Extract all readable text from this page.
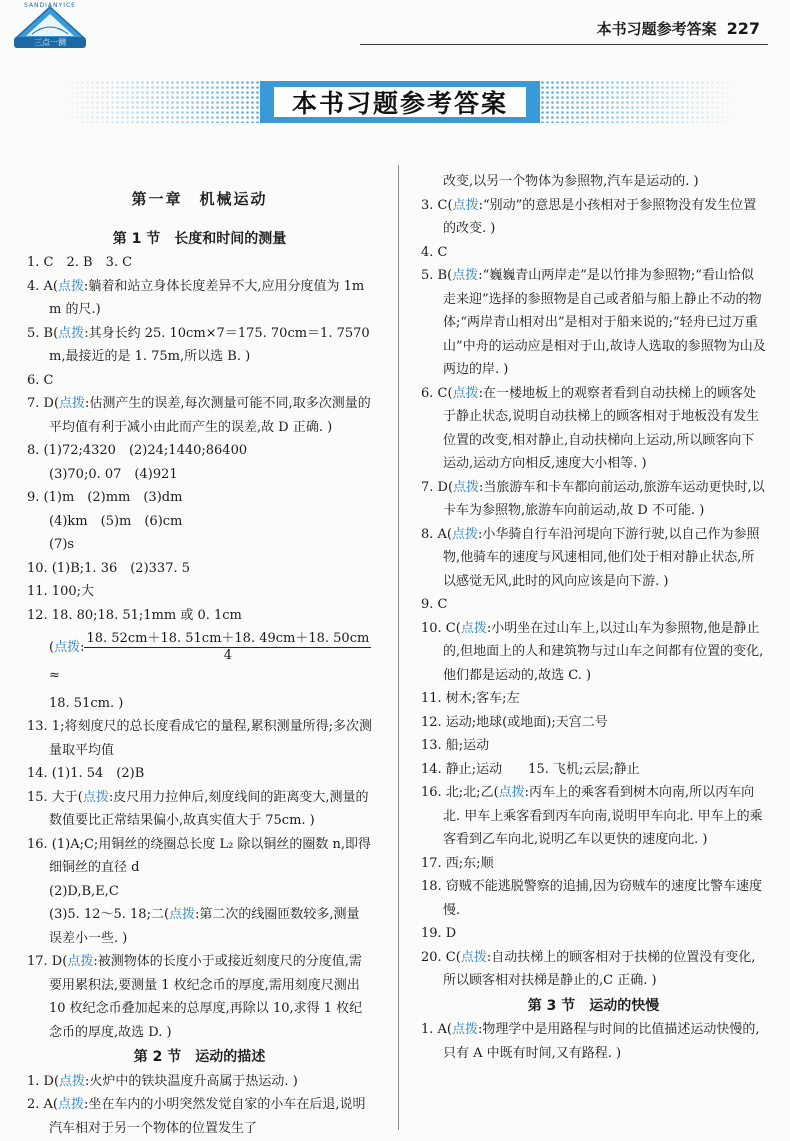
SANDIANYICE
三点一测
本书习题参考答案 227
本书习题参考答案
第一章　机械运动
第 1 节　长度和时间的测量

1. C　2. B　3. C

4. A(点拨:躺着和站立身体长度差异不大,应用分度值为 1mm 的尺.)

5. B(点拨:其身长约 25. 10cm×7＝175. 70cm＝1. 7570m,最接近的是 1. 75m,所以选 B. )

6. C

7. D(点拨:估测产生的误差,每次测量可能不同,取多次测量的平均值有利于减小由此而产生的误差,故 D 正确. )

8. (1)72;4320　(2)24;1440;86400

(3)70;0. 07　(4)921

9. (1)m　(2)mm　(3)dm

(4)km　(5)m　(6)cm

(7)s

10. (1)B;1. 36　(2)337. 5

11. 100;大

12. 18. 80;18. 51;1mm 或 0. 1cm

(点拨: $\frac{18. 52cm+18. 51cm+18. 49cm+18. 50cm}{4}$
≈

18. 51cm. )

13. 1;将刻度尺的总长度看成它的量程,累积测量所得;多次测量取平均值

14. (1)1. 54　(2)B

15. 大于(点拨:皮尺用力拉伸后,刻度线间的距离变大,测量的数值要比正常结果偏小,故真实值大于 75cm. )

16. (1)A;C;用铜丝的绕圈总长度 L₂ 除以铜丝的圈数 n,即得细铜丝的直径 d

(2)D,B,E,C

(3)5. 12～5. 18;二(点拨:第二次的线圈匝数较多,测量误差小一些. )

17. D(点拨:被测物体的长度小于或接近刻度尺的分度值,需要用累积法,要测量 1 枚纪念币的厚度,需用刻度尺测出 10 枚纪念币叠加起来的总厚度,再除以 10,求得 1 枚纪念币的厚度,故选 D. )

第 2 节　运动的描述

1. D(点拨:火炉中的铁块温度升高属于热运动. )

2. A(点拨:坐在车内的小明突然发觉自家的小车在后退,说明汽车相对于另一个物体的位置发生了

改变,以另一个物体为参照物,汽车是运动的. )

3. C(点拨:“别动”的意思是小孩相对于参照物没有发生位置的改变. )

4. C

5. B(点拨:“巍巍青山两岸走”是以竹排为参照物;“看山恰似走来迎”选择的参照物是自己或者船与船上静止不动的物体;“两岸青山相对出”是相对于船来说的;“轻舟已过万重山”中舟的运动应是相对于山,故诗人选取的参照物为山及两边的岸. )

6. C(点拨:在一楼地板上的观察者看到自动扶梯上的顾客处于静止状态,说明自动扶梯上的顾客相对于地板没有发生位置的改变,相对静止,自动扶梯向上运动,所以顾客向下运动,运动方向相反,速度大小相等. )

7. D(点拨:当旅游车和卡车都向前运动,旅游车运动更快时,以卡车为参照物,旅游车向前运动,故 D 不可能. )

8. A(点拨:小华骑自行车沿河堤向下游行驶,以自己作为参照物,他骑车的速度与风速相同,他们处于相对静止状态,所以感觉无风,此时的风向应该是向下游. )

9. C

10. C(点拨:小明坐在过山车上,以过山车为参照物,他是静止的,但地面上的人和建筑物与过山车之间都有位置的变化,他们都是运动的,故选 C. )

11. 树木;客车;左

12. 运动;地球(或地面);天宫二号

13. 船;运动

14. 静止;运动　　15. 飞机;云层;静止

16. 北;北;乙(点拨:丙车上的乘客看到树木向南,所以丙车向北. 甲车上乘客看到丙车向南,说明甲车向北. 甲车上的乘客看到乙车向北,说明乙车以更快的速度向北. )

17. 西;东;顺

18. 窃贼不能逃脱警察的追捕,因为窃贼车的速度比警车速度慢.

19. D

20. C(点拨:自动扶梯上的顾客相对于扶梯的位置没有变化,所以顾客相对扶梯是静止的,C 正确. )

第 3 节　运动的快慢

1. A(点拨:物理学中是用路程与时间的比值描述运动快慢的,只有 A 中既有时间,又有路程. )
